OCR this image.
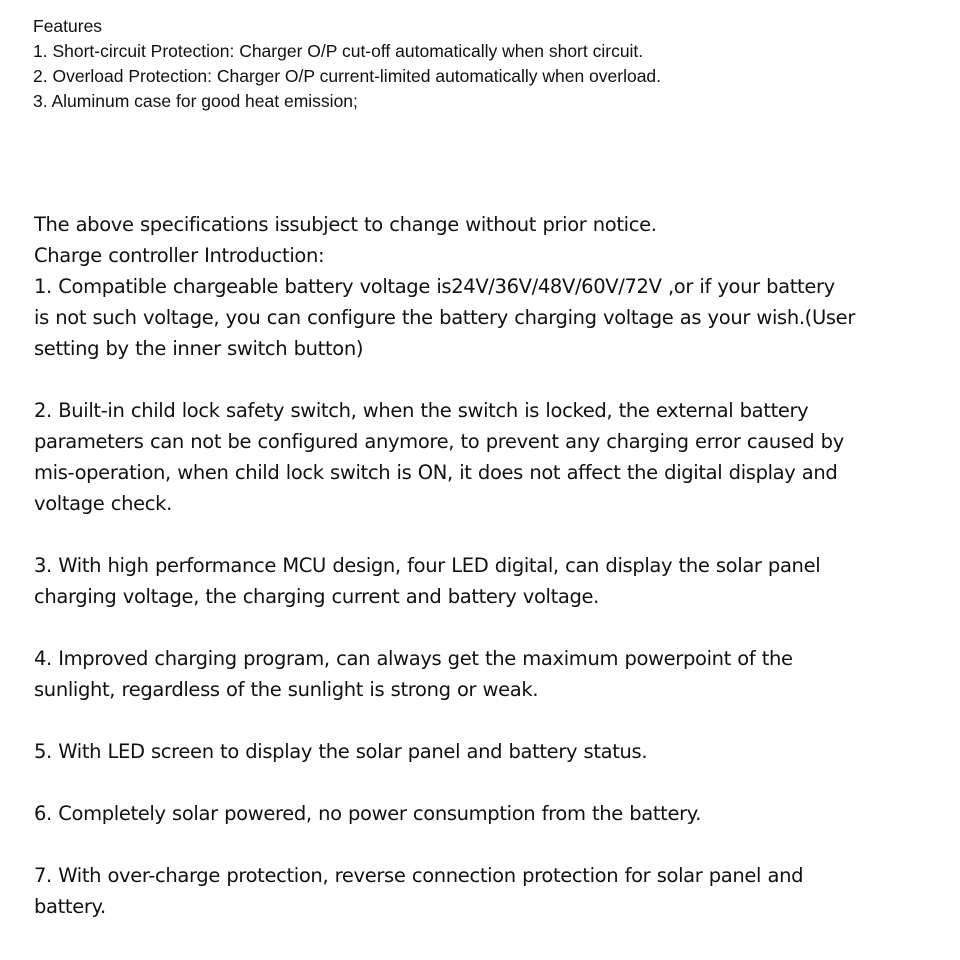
Features
1. Short-circuit Protection: Charger O/P cut-off automatically when short circuit.
2. Overload Protection: Charger O/P current-limited automatically when overload.
3. Aluminum case for good heat emission;
The above specifications issubject to change without prior notice.
Charge controller Introduction:
1. Compatible chargeable battery voltage is24V/36V/48V/60V/72V ,or if your battery
is not such voltage, you can configure the battery charging voltage as your wish.(User
setting by the inner switch button)
2. Built-in child lock safety switch, when the switch is locked, the external battery
parameters can not be configured anymore, to prevent any charging error caused by
mis-operation, when child lock switch is ON, it does not affect the digital display and
voltage check.
3. With high performance MCU design, four LED digital, can display the solar panel
charging voltage, the charging current and battery voltage.
4. Improved charging program, can always get the maximum powerpoint of the
sunlight, regardless of the sunlight is strong or weak.
5. With LED screen to display the solar panel and battery status.
6. Completely solar powered, no power consumption from the battery.
7. With over-charge protection, reverse connection protection for solar panel and
battery.
